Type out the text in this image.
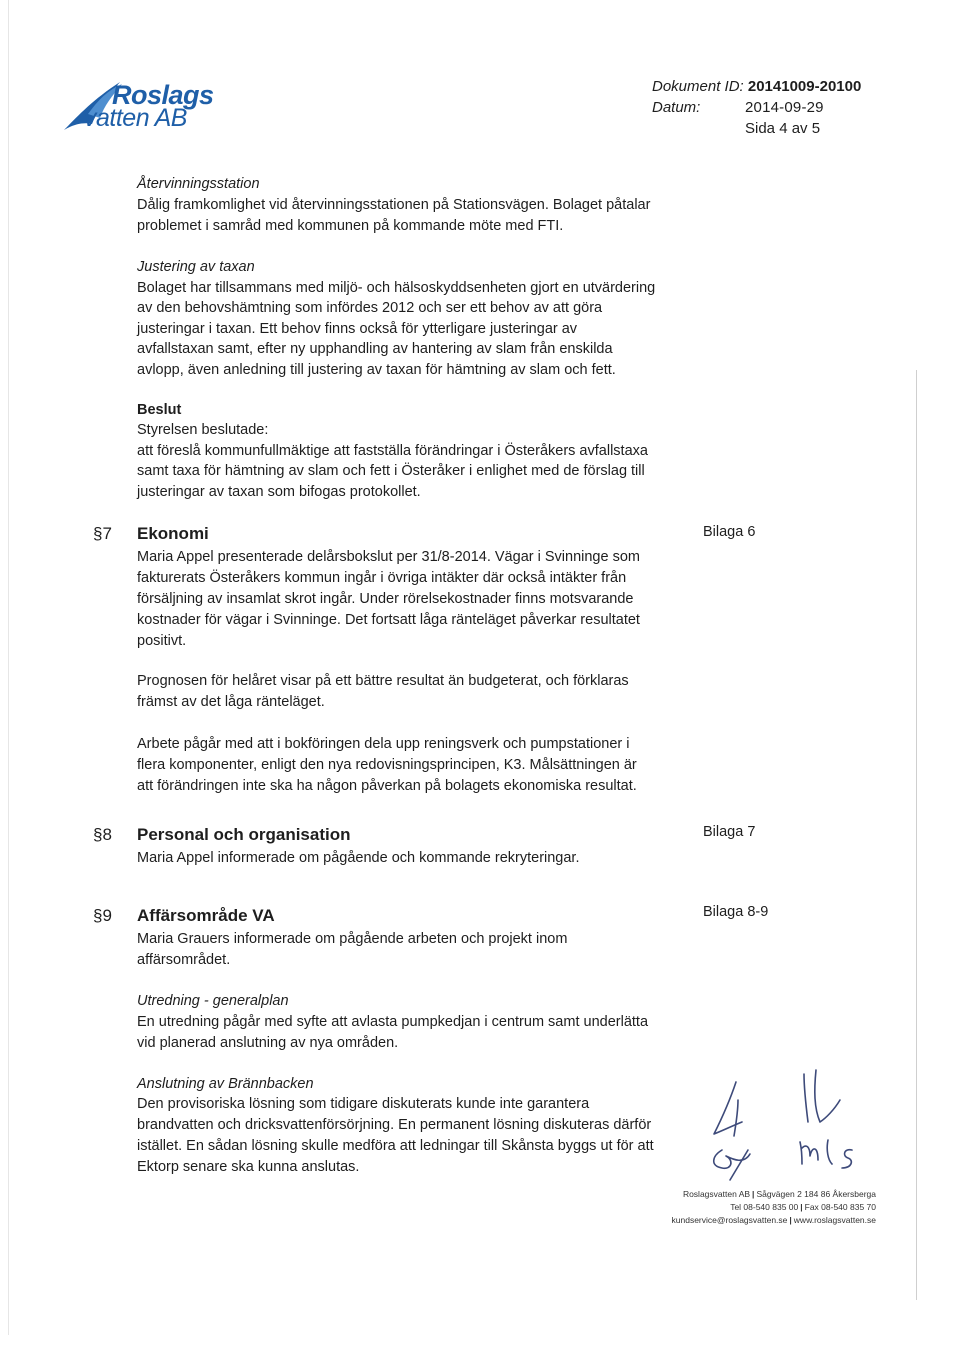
Roslags
vatten AB
Dokument ID: 20141009-20100
Datum:	2014-09-29
Sida 4 av 5
Återvinningsstation
Dålig framkomlighet vid återvinningsstationen på Stationsvägen. Bolaget påtalar
problemet i samråd med kommunen på kommande möte med FTI.
Justering av taxan
Bolaget har tillsammans med miljö- och hälsoskyddsenheten gjort en utvärdering
av den behovshämtning som infördes 2012 och ser ett behov av att göra
justeringar i taxan. Ett behov finns också för ytterligare justeringar av
avfallstaxan samt, efter ny upphandling av hantering av slam från enskilda
avlopp, även anledning till justering av taxan för hämtning av slam och fett.
Beslut
Styrelsen beslutade:
att föreslå kommunfullmäktige att fastställa förändringar i Österåkers avfallstaxa
samt taxa för hämtning av slam och fett i Österåker i enlighet med de förslag till
justeringar av taxan som bifogas protokollet.
§7 Ekonomi	Bilaga 6
Maria Appel presenterade delårsbokslut per 31/8-2014. Vägar i Svinninge som
fakturerats Österåkers kommun ingår i övriga intäkter där också intäkter från
försäljning av insamlat skrot ingår. Under rörelsekostnader finns motsvarande
kostnader för vägar i Svinninge. Det fortsatt låga ränteläget påverkar resultatet
positivt.
Prognosen för helåret visar på ett bättre resultat än budgeterat, och förklaras
främst av det låga ränteläget.
Arbete pågår med att i bokföringen dela upp reningsverk och pumpstationer i
flera komponenter, enligt den nya redovisningsprincipen, K3. Målsättningen är
att förändringen inte ska ha någon påverkan på bolagets ekonomiska resultat.
§8 Personal och organisation	Bilaga 7
Maria Appel informerade om pågående och kommande rekryteringar.
§9 Affärsområde VA	Bilaga 8-9
Maria Grauers informerade om pågående arbeten och projekt inom
affärsområdet.
Utredning - generalplan
En utredning pågår med syfte att avlasta pumpkedjan i centrum samt underlätta
vid planerad anslutning av nya områden.
Anslutning av Brännbacken
Den provisoriska lösning som tidigare diskuterats kunde inte garantera
brandvatten och dricksvattenförsörjning. En permanent lösning diskuteras därför
istället. En sådan lösning skulle medföra att ledningar till Skånsta byggs ut för att
Ektorp senare ska kunna anslutas.
Roslagsvatten AB | Sågvägen 2 184 86 Åkersberga
Tel 08-540 835 00 | Fax 08-540 835 70
kundservice@roslagsvatten.se | www.roslagsvatten.se
